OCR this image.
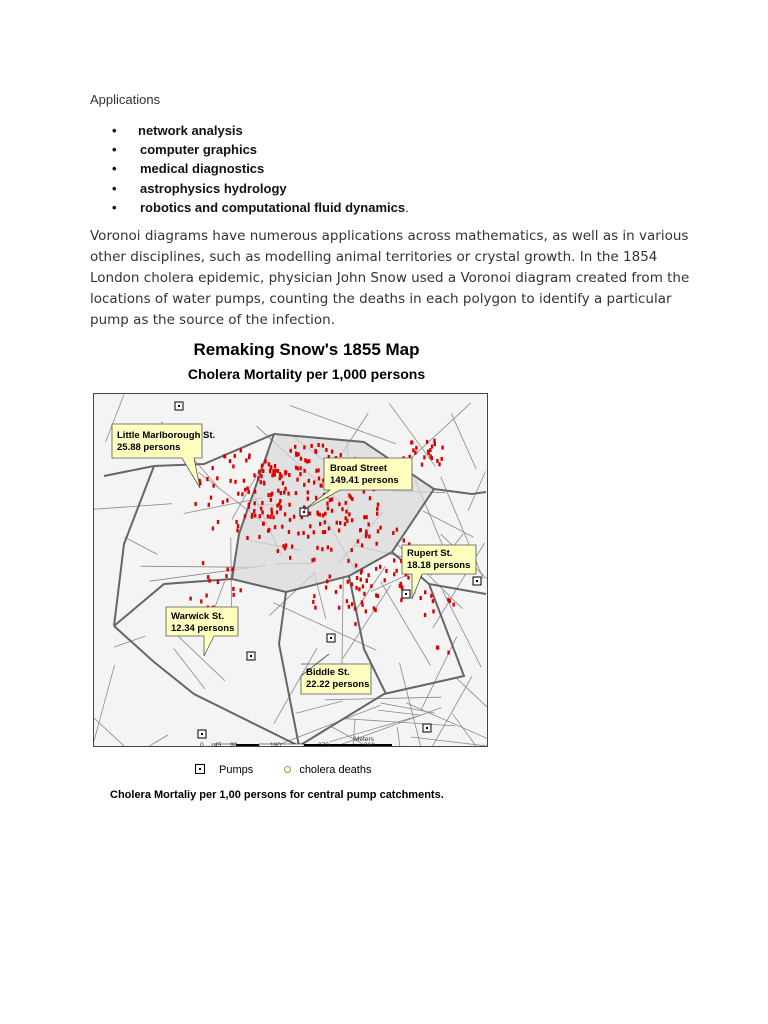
Applications
• network analysis
• computer graphics
• medical diagnostics
• astrophysics hydrology
• robotics and computational fluid dynamics.

Voronoi diagrams have numerous applications across mathematics, as well as in various other disciplines, such as modelling animal territories or crystal growth. In the 1854 London cholera epidemic, physician John Snow used a Voronoi diagram created from the locations of water pumps, counting the deaths in each polygon to identify a particular pump as the source of the infection.

Remaking Snow's 1855 Map
Cholera Mortality per 1,000 persons
Little Marlborough St.
25.88 persons
Broad Street
149.41 persons
Rupert St.
18.18 persons
Warwick St.
12.34 persons
Biddle St.
22.22 persons
Meters
0 45 90	180	270	360
Pumps	cholera deaths
Cholera Mortaliy per 1,00 persons for central pump catchments.
